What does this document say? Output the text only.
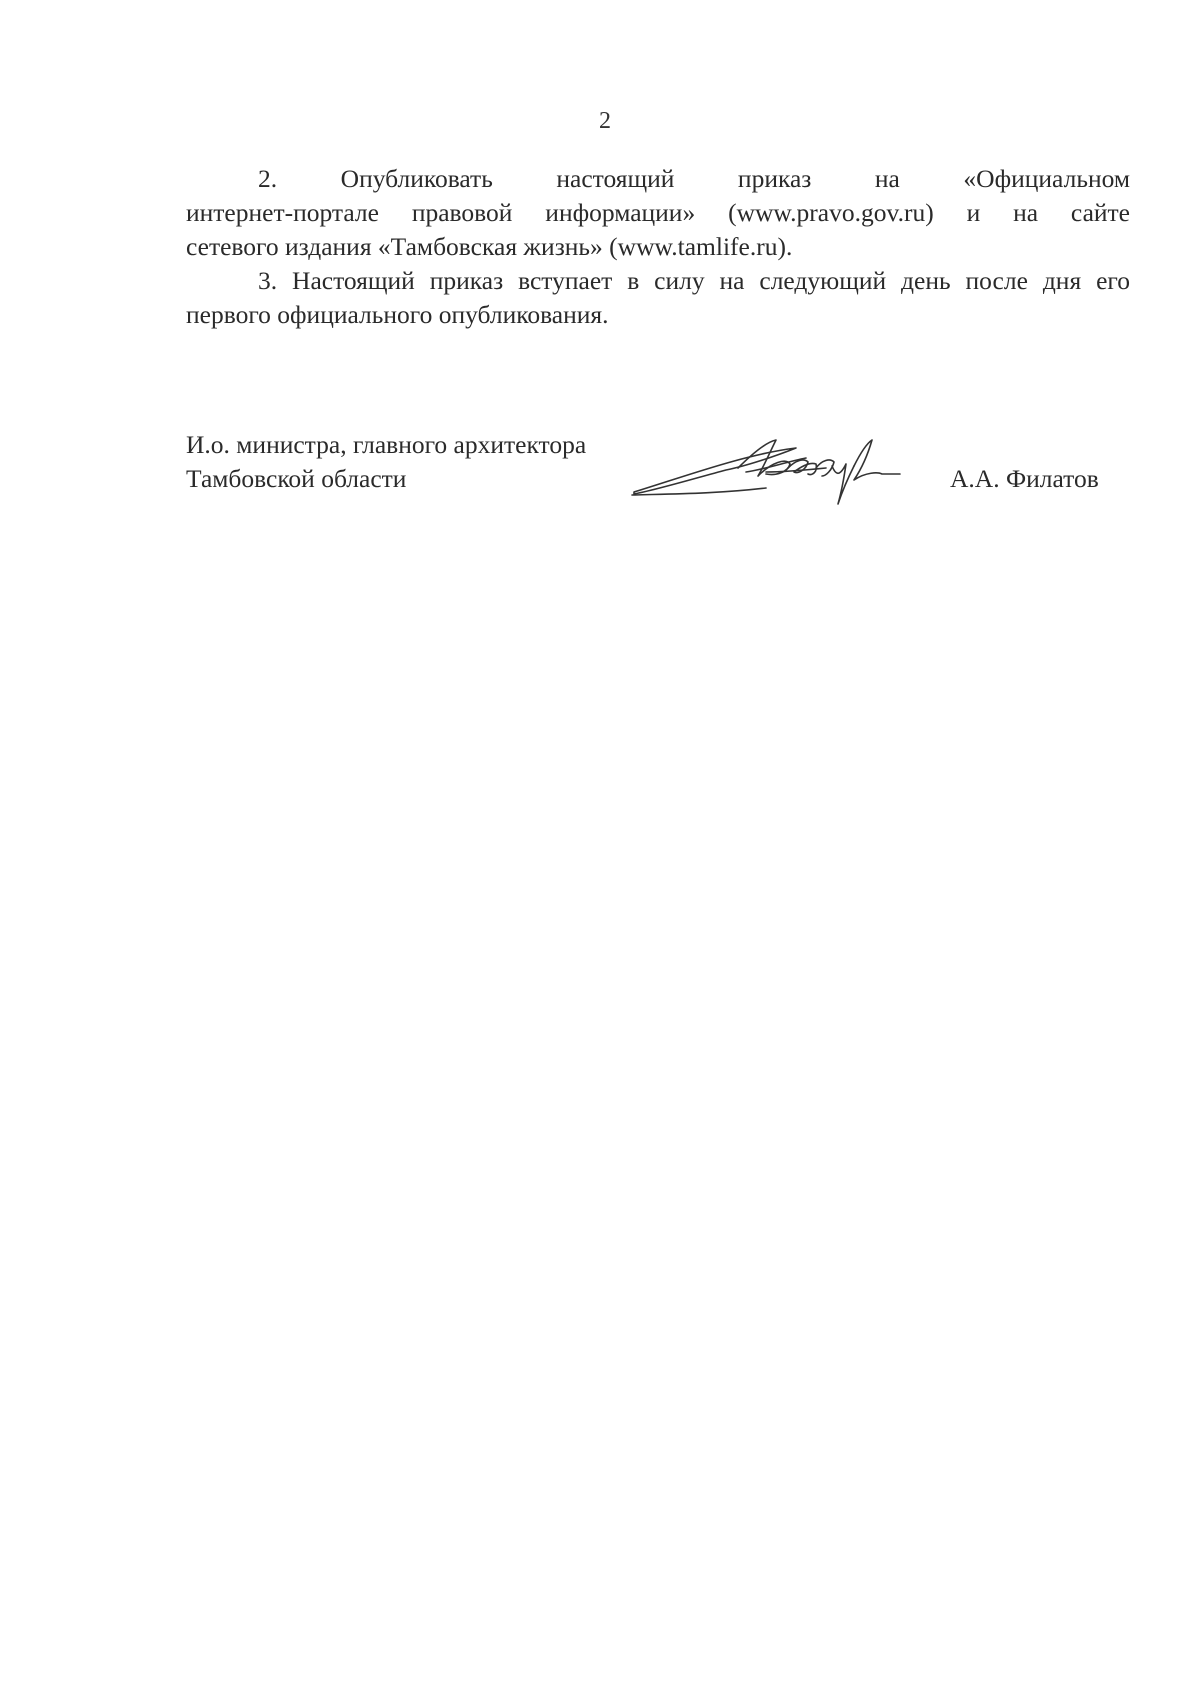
2

2. Опубликовать настоящий приказ на «Официальном

интернет-портале правовой информации» (www.pravo.gov.ru) и на сайте
сетевого издания «Тамбовская жизнь» (www.tamlife.ru).

3. Настоящий приказ вступает в силу на следующий день после дня его

первого официального опубликования.

И.о. министра, главного архитектора
Тамбовской области	А.А. Филатов
